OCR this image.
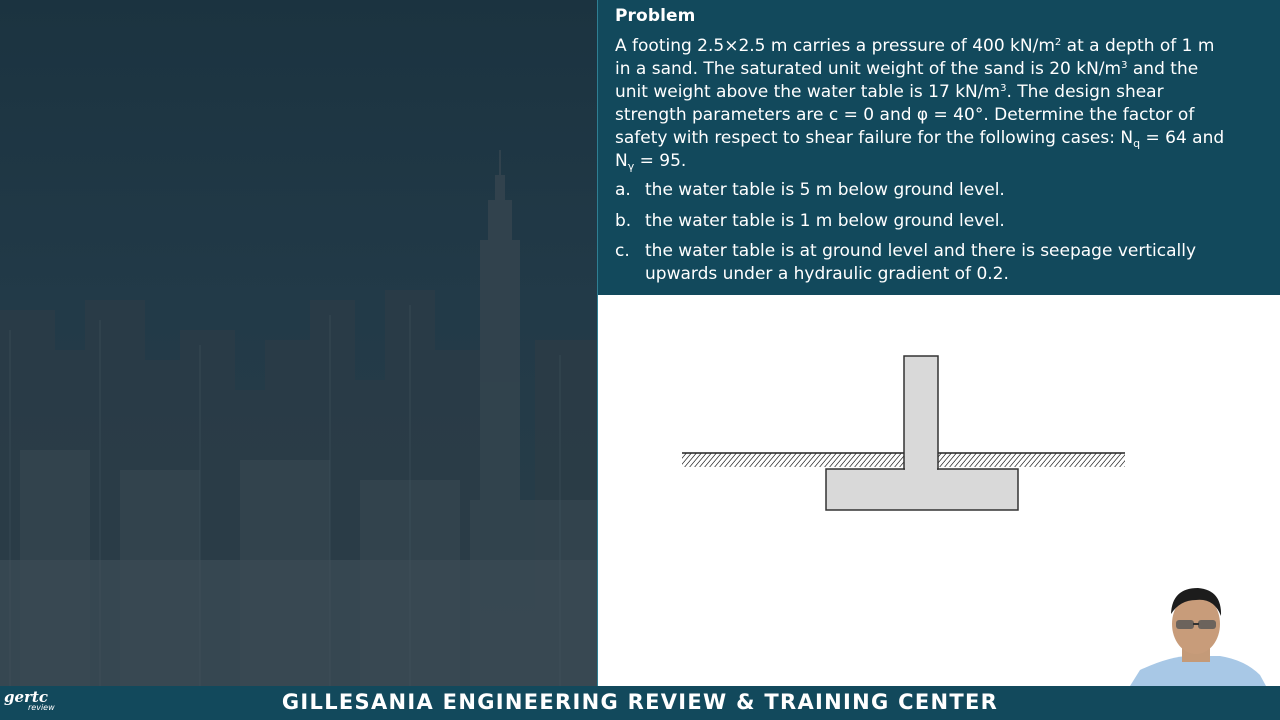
Problem
A footing 2.5×2.5 m carries a pressure of 400 $kN/m^2$ at a depth of 1 m in a sand. The saturated unit weight of the sand is 20 $kN/m^3$ and the unit weight above the water table is 17 $kN/m^3$. The design shear strength parameters are c = 0 and φ = 40°. Determine the factor of safety with respect to shear failure for the following cases: $N_q = 64$ and $N_\gamma = 95$.
a. the water table is 5 m below ground level.
b. the water table is 1 m below ground level.
c. the water table is at ground level and there is seepage vertically upwards under a hydraulic gradient of 0.2.
GILLESANIA ENGINEERING REVIEW & TRAINING CENTER
gertc
review
